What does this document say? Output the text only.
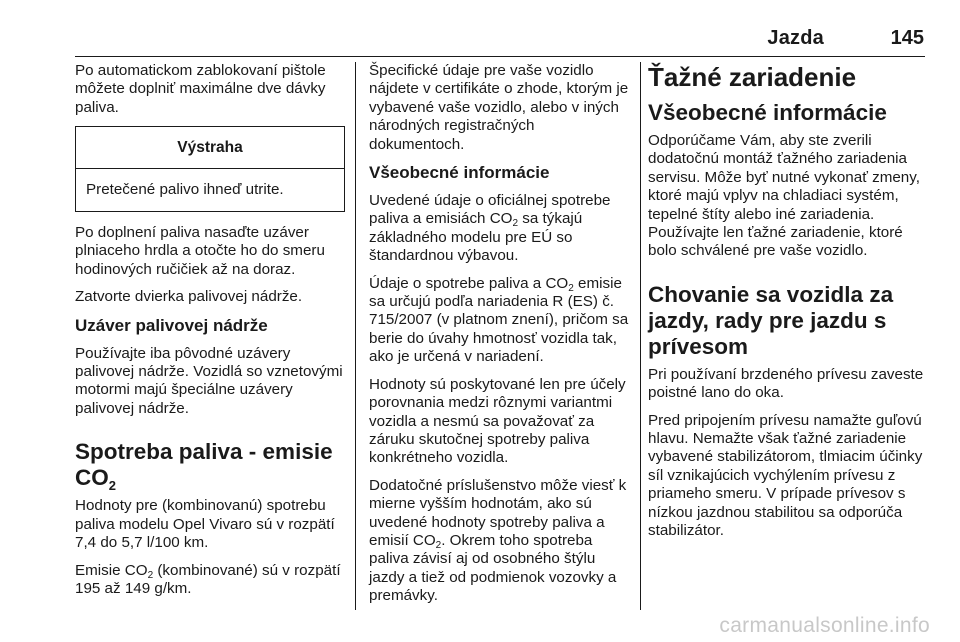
Jazda	145

Po automatickom zablokovaní pištole môžete doplniť maximálne dve dávky paliva.

Výstraha
Pretečené palivo ihneď utrite.

Po doplnení paliva nasaďte uzáver plniaceho hrdla a otočte ho do smeru hodinových ručičiek až na doraz.

Zatvorte dvierka palivovej nádrže.

Uzáver palivovej nádrže

Používajte iba pôvodné uzávery palivovej nádrže. Vozidlá so vznetovými motormi majú špeciálne uzávery palivovej nádrže.

Spotreba paliva - emisie $CO_2$

Hodnoty pre (kombinovanú) spotrebu paliva modelu Opel Vivaro sú v rozpätí 7,4 do 5,7 l/100 km.

Emisie $CO_2$ (kombinované) sú v rozpätí 195 až 149 g/km.

Špecifické údaje pre vaše vozidlo nájdete v certifikáte o zhode, ktorým je vybavené vaše vozidlo, alebo v iných národných registračných dokumentoch.

Všeobecné informácie

Uvedené údaje o oficiálnej spotrebe paliva a emisiách $CO_2$ sa týkajú základného modelu pre EÚ so štandardnou výbavou.

Údaje o spotrebe paliva a $CO_2$ emisie sa určujú podľa nariadenia R (ES) č. 715/2007 (v platnom znení), pričom sa berie do úvahy hmotnosť vozidla tak, ako je určená v nariadení.

Hodnoty sú poskytované len pre účely porovnania medzi rôznymi variantmi vozidla a nesmú sa považovať za záruku skutočnej spotreby paliva konkrétneho vozidla.

Dodatočné príslušenstvo môže viesť k mierne vyšším hodnotám, ako sú uvedené hodnoty spotreby paliva a emisií $CO_2$. Okrem toho spotreba paliva závisí aj od osobného štýlu jazdy a tiež od podmienok vozovky a premávky.

Ťažné zariadenie
Všeobecné informácie

Odporúčame Vám, aby ste zverili dodatočnú montáž ťažného zariadenia servisu. Môže byť nutné vykonať zmeny, ktoré majú vplyv na chladiaci systém, tepelné štíty alebo iné zariadenia. Používajte len ťažné zariadenie, ktoré bolo schválené pre vaše vozidlo.

Chovanie sa vozidla za jazdy, rady pre jazdu s prívesom

Pri používaní brzdeného prívesu zaveste poistné lano do oka.

Pred pripojením prívesu namažte guľovú hlavu. Nemažte však ťažné zariadenie vybavené stabilizátorom, tlmiacim účinky síl vznikajúcich vychýlením prívesu z priameho smeru. V prípade prívesov s nízkou jazdnou stabilitou sa odporúča stabilizátor.

carmanualsonline.info
